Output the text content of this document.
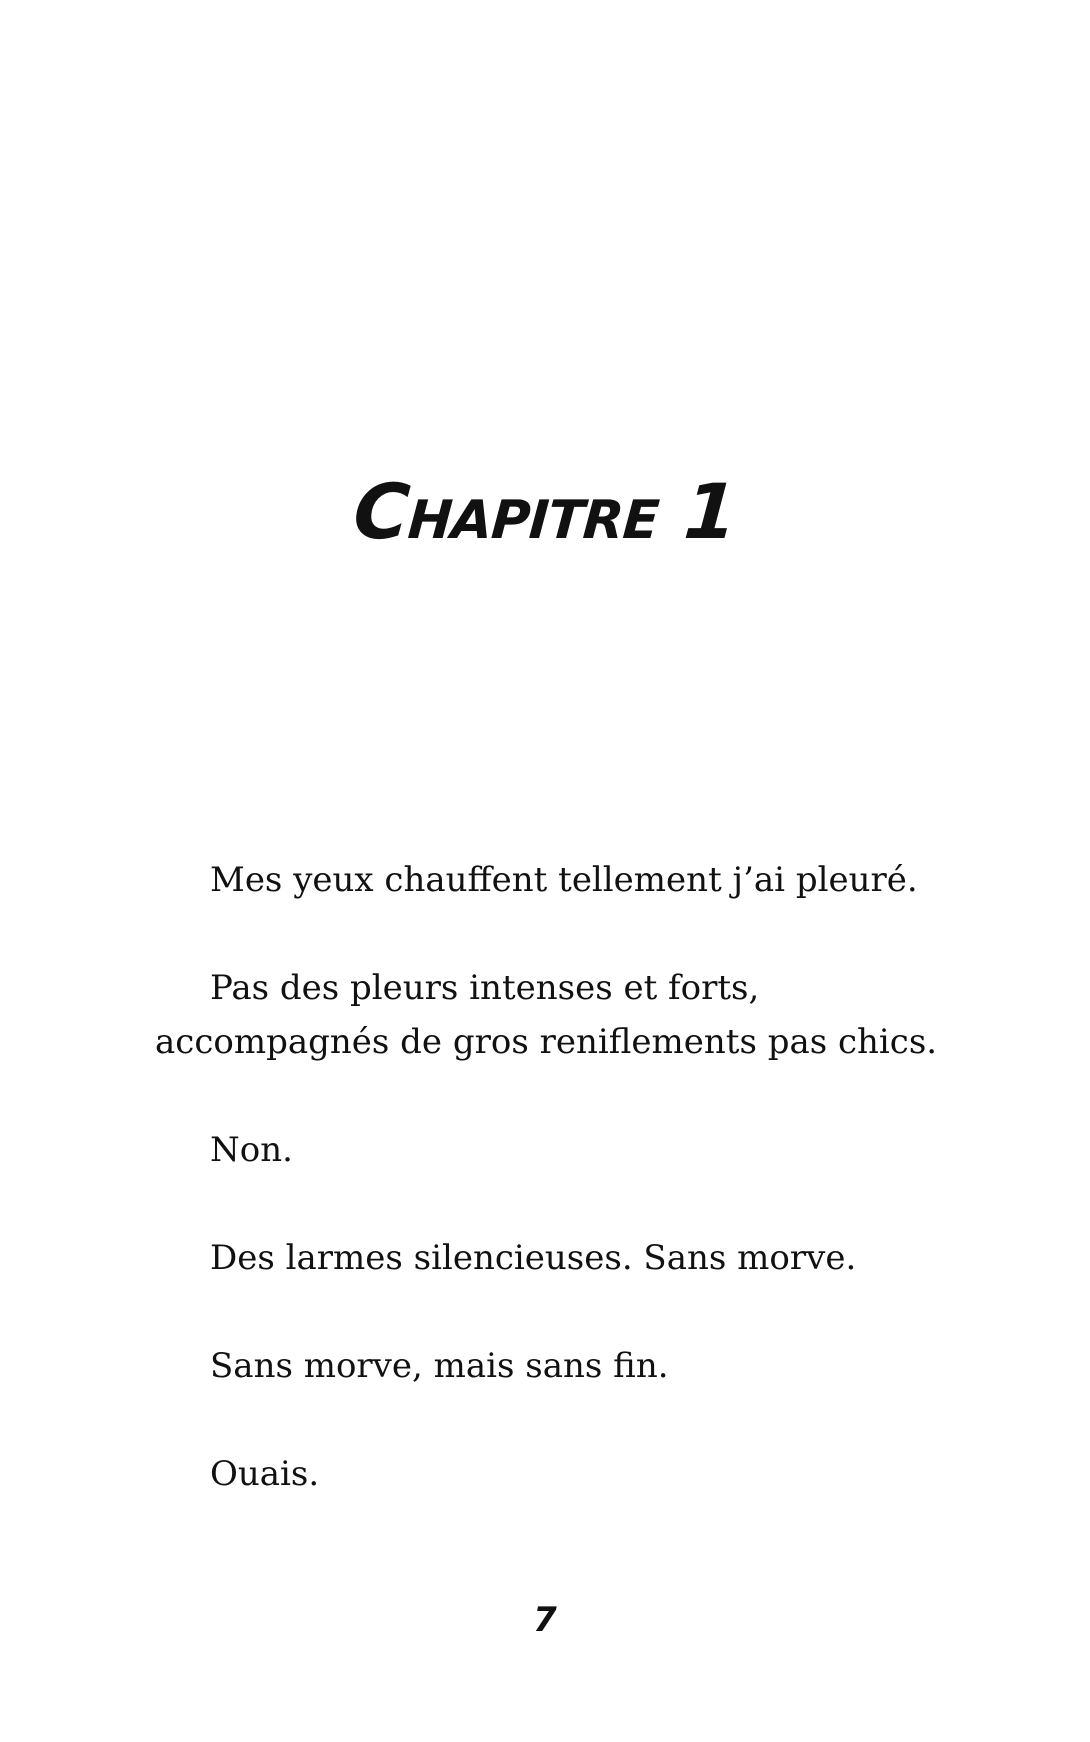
Chapitre 1

Mes yeux chauffent tellement j’ai pleuré.

Pas des pleurs intenses et forts, accompagnés de gros reniflements pas chics.

Non.

Des larmes silencieuses. Sans morve.

Sans morve, mais sans fin.

Ouais.

7
